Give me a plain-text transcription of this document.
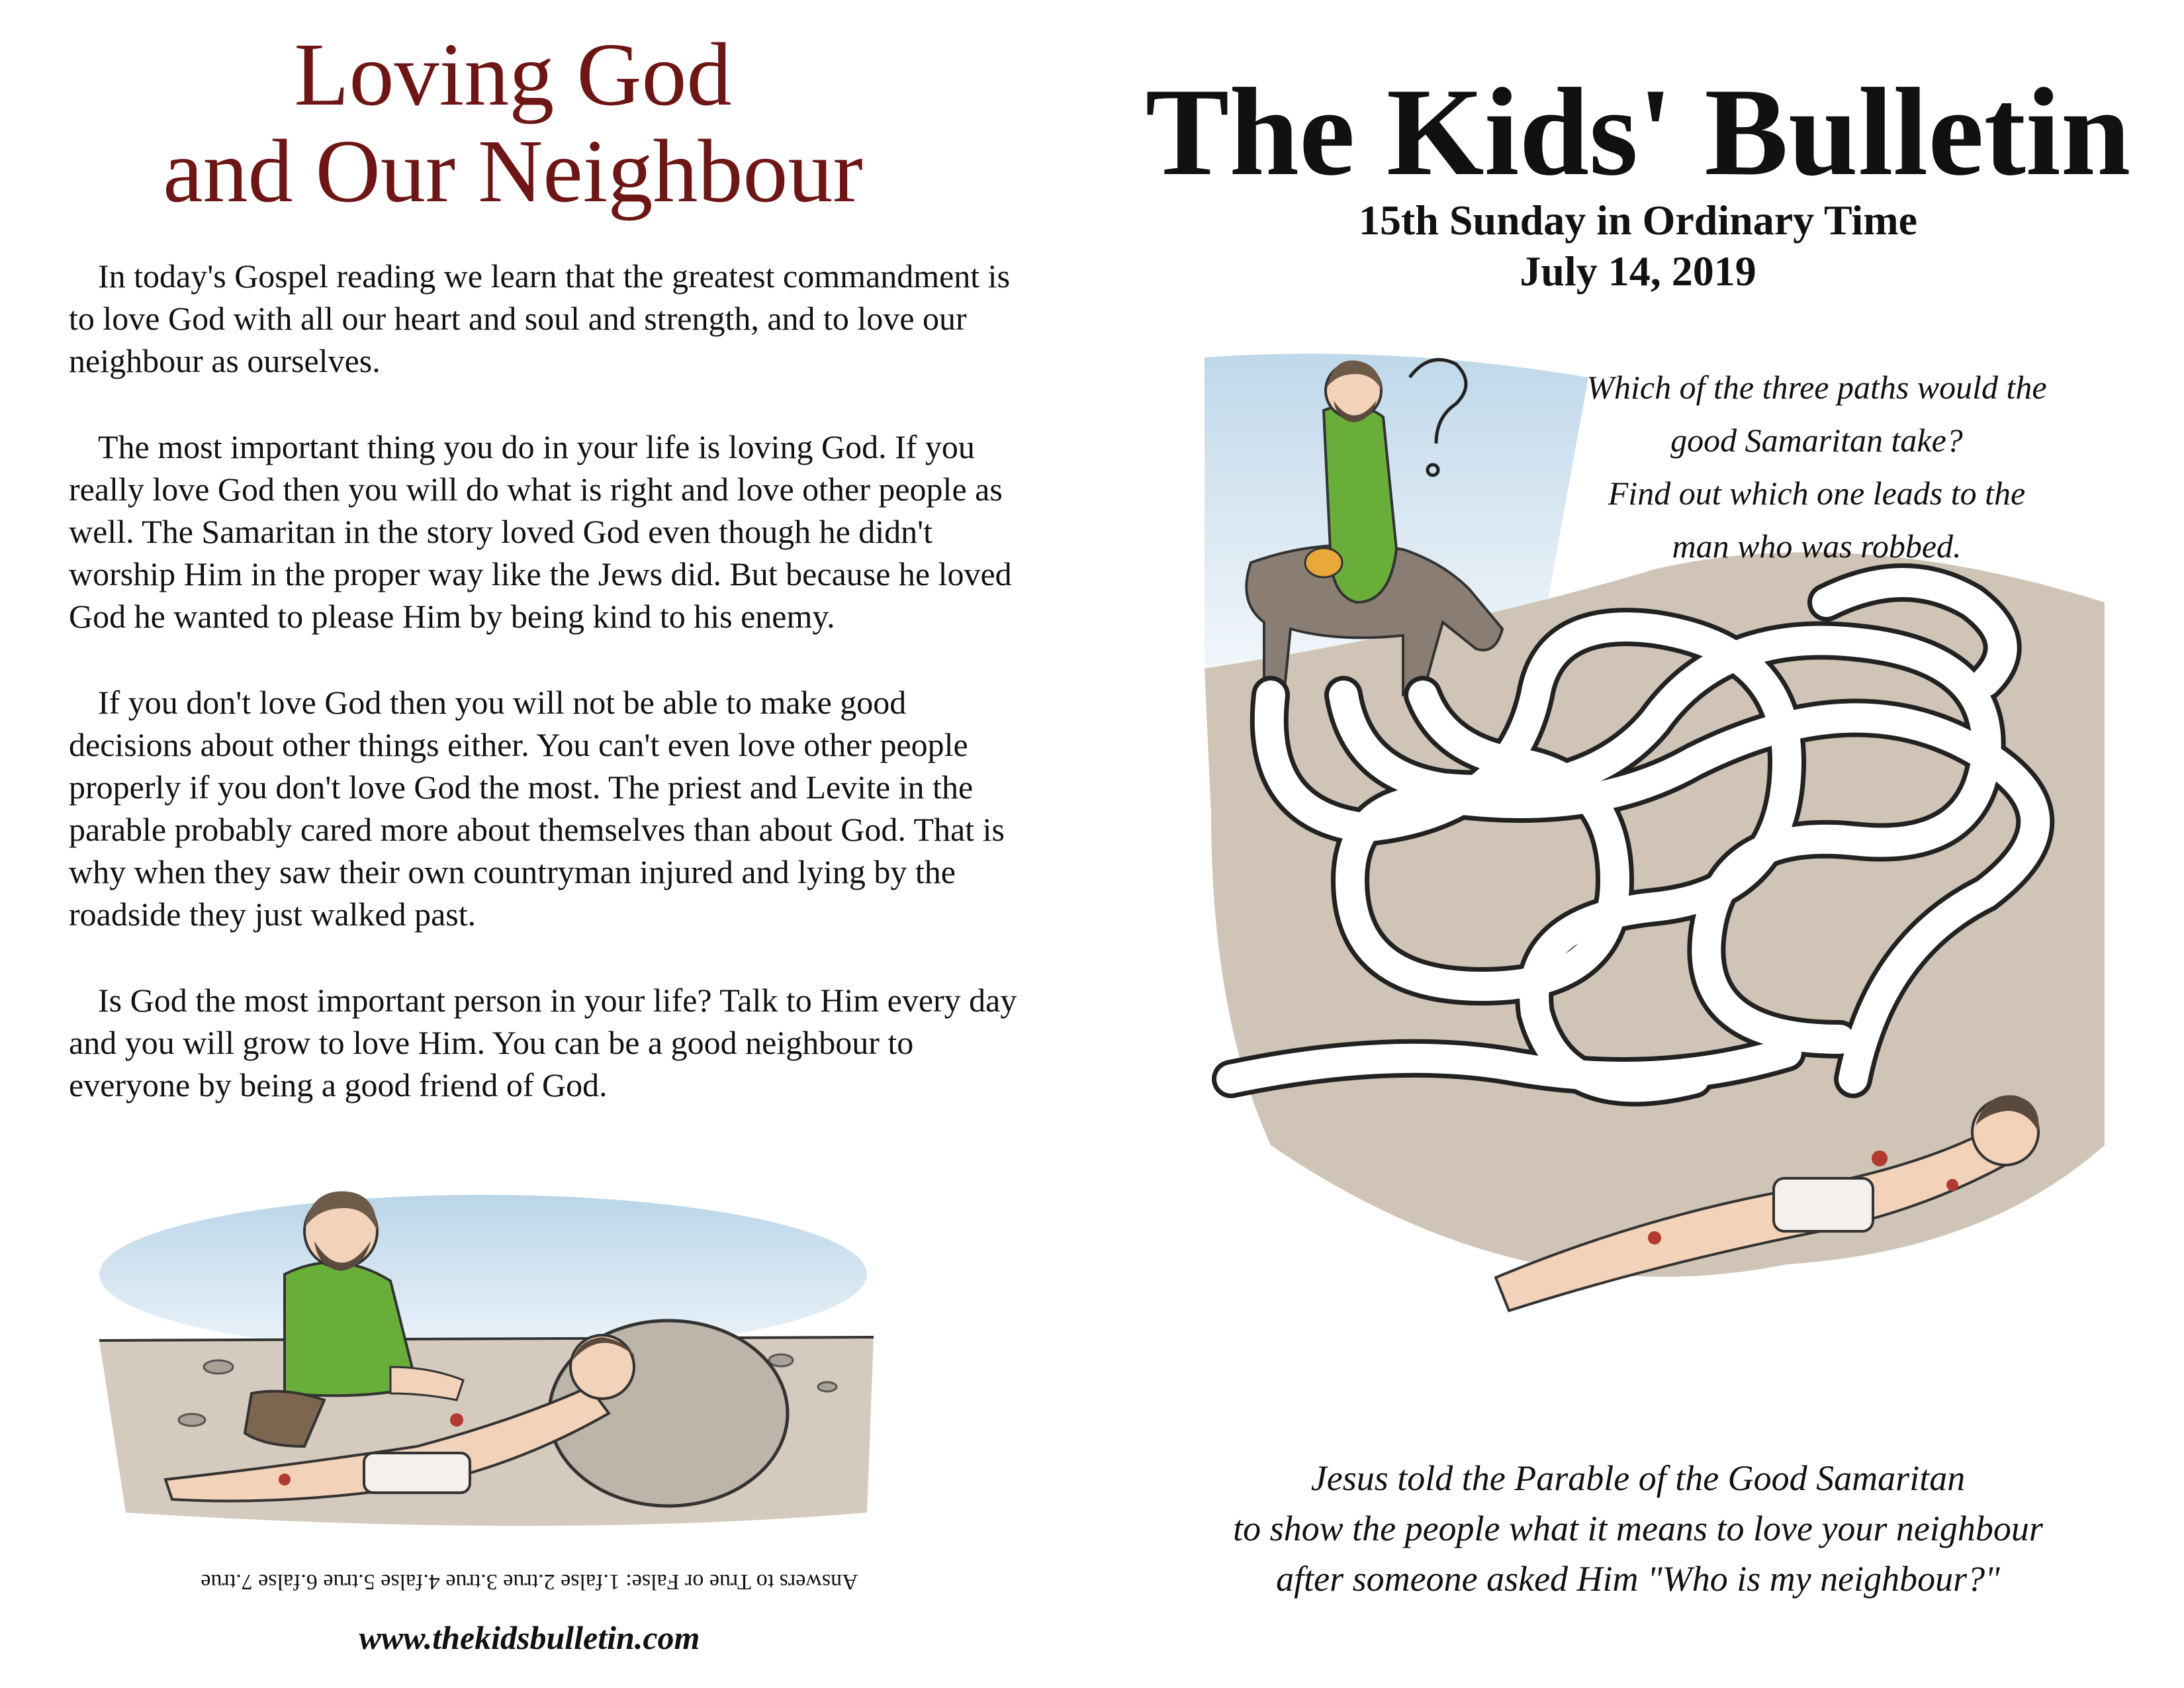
Loving God
and Our Neighbour

In today's Gospel reading we learn that the greatest commandment is to love God with all our heart and soul and strength, and to love our neighbour as ourselves.

The most important thing you do in your life is loving God. If you really love God then you will do what is right and love other people as well. The Samaritan in the story loved God even though he didn't worship Him in the proper way like the Jews did. But because he loved God he wanted to please Him by being kind to his enemy.

If you don't love God then you will not be able to make good decisions about other things either. You can't even love other people properly if you don't love God the most. The priest and Levite in the parable probably cared more about themselves than about God. That is why when they saw their own countryman injured and lying by the roadside they just walked past.

Is God the most important person in your life? Talk to Him every day and you will grow to love Him. You can be a good neighbour to everyone by being a good friend of God.

Answers to True or False: 1.false 2.true 3.true 4.false 5.true 6.false 7.true
www.thekidsbulletin.com
The Kids' Bulletin
15th Sunday in Ordinary Time
July 14, 2019
Which of the three paths would the
good Samaritan take?
Find out which one leads to the
man who was robbed.
Jesus told the Parable of the Good Samaritan
to show the people what it means to love your neighbour
after someone asked Him "Who is my neighbour?"
